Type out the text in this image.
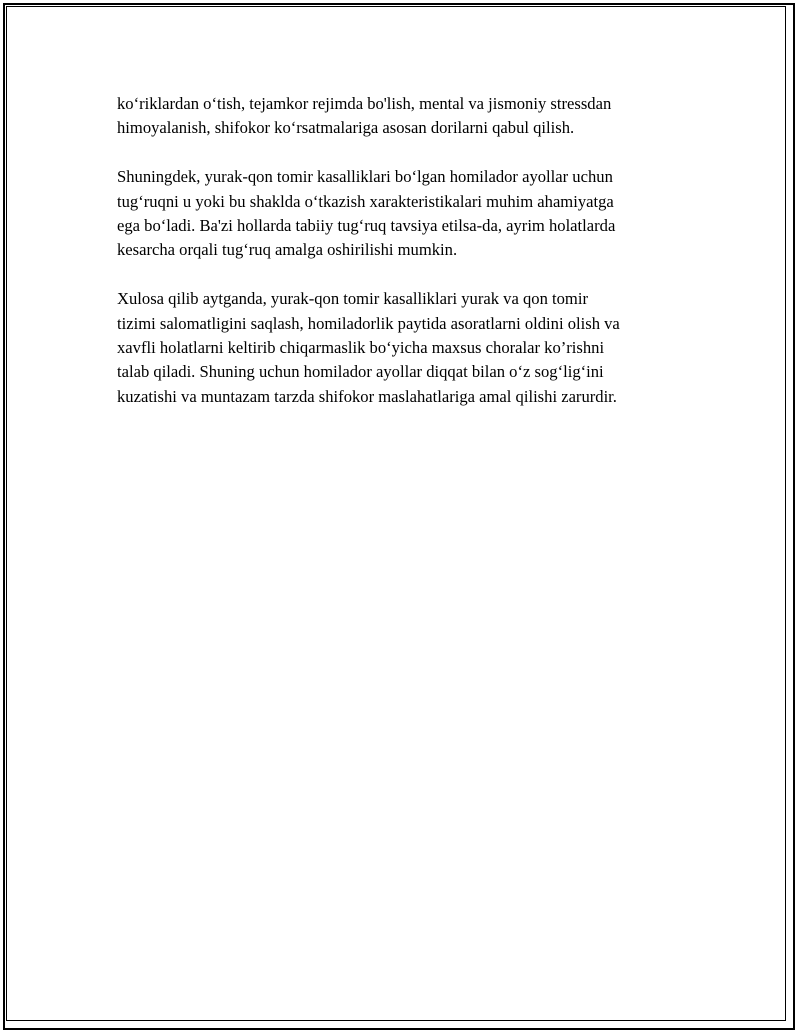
ko‘riklardan o‘tish, tejamkor rejimda bo'lish, mental va jismoniy stressdan
himoyalanish, shifokor ko‘rsatmalariga asosan dorilarni qabul qilish.

Shuningdek, yurak-qon tomir kasalliklari bo‘lgan homilador ayollar uchun
tug‘ruqni u yoki bu shaklda o‘tkazish xarakteristikalari muhim ahamiyatga
ega bo‘ladi. Ba'zi hollarda tabiiy tug‘ruq tavsiya etilsa-da, ayrim holatlarda
kesarcha orqali tug‘ruq amalga oshirilishi mumkin.

Xulosa qilib aytganda, yurak-qon tomir kasalliklari yurak va qon tomir
tizimi salomatligini saqlash, homiladorlik paytida asoratlarni oldini olish va
xavfli holatlarni keltirib chiqarmaslik bo‘yicha maxsus choralar ko’rishni
talab qiladi. Shuning uchun homilador ayollar diqqat bilan o‘z sog‘lig‘ini
kuzatishi va muntazam tarzda shifokor maslahatlariga amal qilishi zarurdir.
